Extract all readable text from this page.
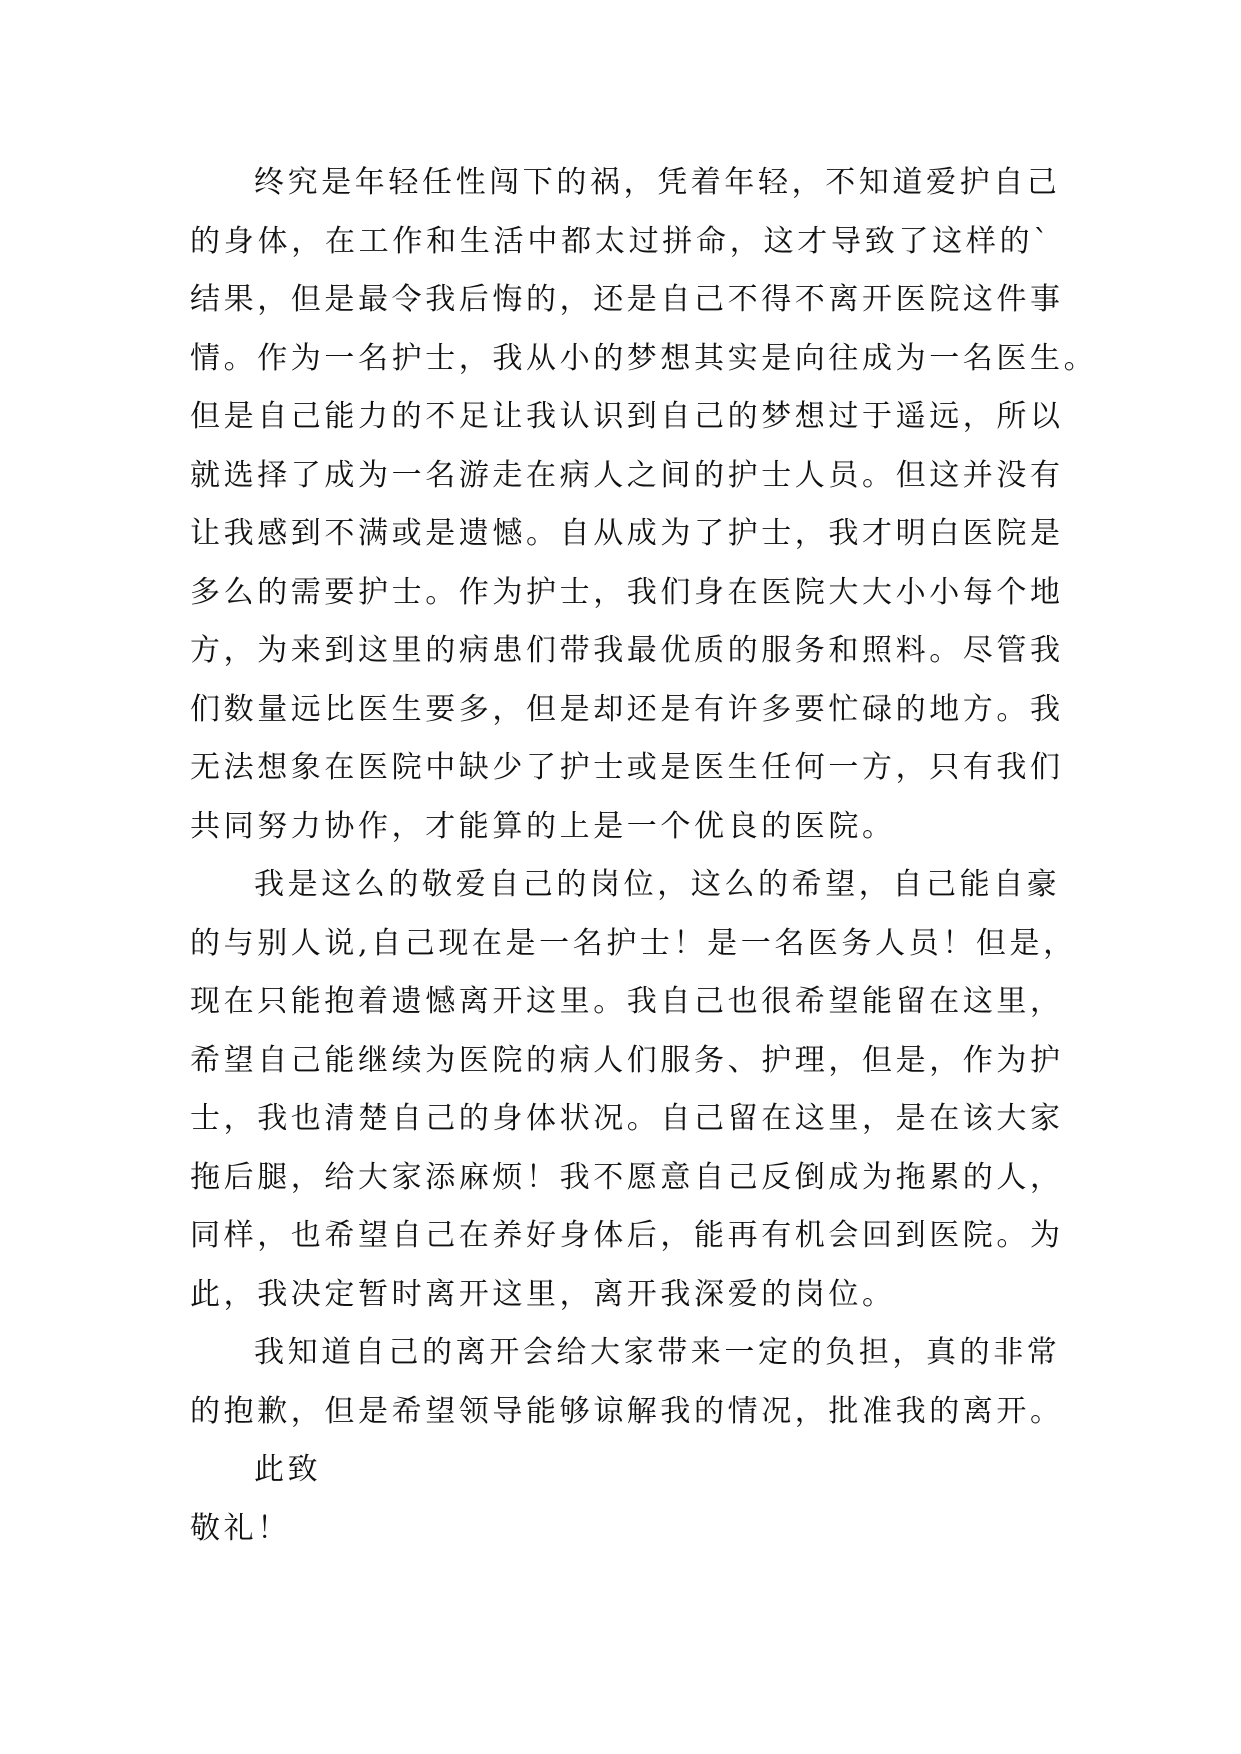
终究是年轻任性闯下的祸，凭着年轻，不知道爱护自己
的身体，在工作和生活中都太过拼命，这才导致了这样的`
结果，但是最令我后悔的，还是自己不得不离开医院这件事
情。作为一名护士，我从小的梦想其实是向往成为一名医生。
但是自己能力的不足让我认识到自己的梦想过于遥远，所以
就选择了成为一名游走在病人之间的护士人员。但这并没有
让我感到不满或是遗憾。自从成为了护士，我才明白医院是
多么的需要护士。作为护士，我们身在医院大大小小每个地
方，为来到这里的病患们带我最优质的服务和照料。尽管我
们数量远比医生要多，但是却还是有许多要忙碌的地方。我
无法想象在医院中缺少了护士或是医生任何一方，只有我们
共同努力协作，才能算的上是一个优良的医院。
我是这么的敬爱自己的岗位，这么的希望，自己能自豪
的与别人说,自己现在是一名护士！是一名医务人员！但是，
现在只能抱着遗憾离开这里。我自己也很希望能留在这里，
希望自己能继续为医院的病人们服务、护理，但是，作为护
士，我也清楚自己的身体状况。自己留在这里，是在该大家
拖后腿，给大家添麻烦！我不愿意自己反倒成为拖累的人，
同样，也希望自己在养好身体后，能再有机会回到医院。为
此，我决定暂时离开这里，离开我深爱的岗位。
我知道自己的离开会给大家带来一定的负担，真的非常
的抱歉，但是希望领导能够谅解我的情况，批准我的离开。
此致
敬礼！
